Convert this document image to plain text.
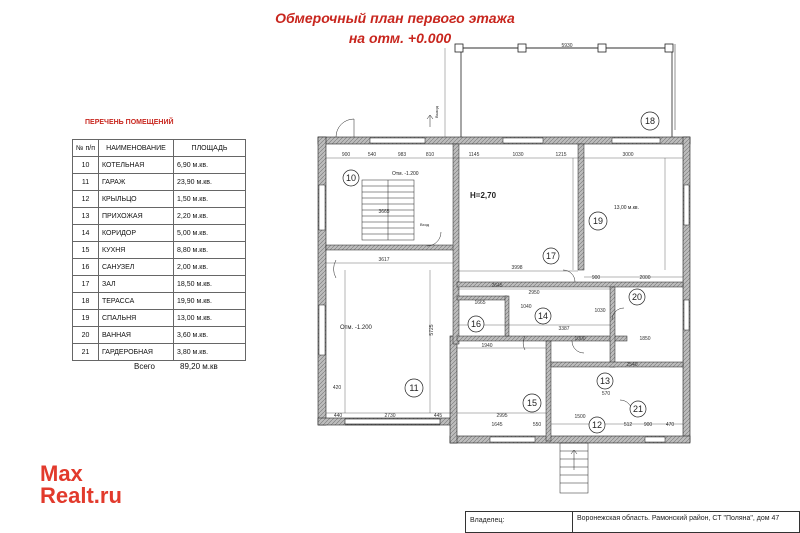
Обмерочный план первого этажа
на отм. +0.000
ПЕРЕЧЕНЬ ПОМЕЩЕНИЙ
№ п/п	НАИМЕНОВАНИЕ	ПЛОЩАДЬ
10	КОТЕЛЬНАЯ	6,90 м.кв.
11	ГАРАЖ	23,90 м.кв.
12	КРЫЛЬЦО	1,50 м.кв.
13	ПРИХОЖАЯ	2,20 м.кв.
14	КОРИДОР	5,00 м.кв.
15	КУХНЯ	8,80 м.кв.
16	САНУЗЕЛ	2,00 м.кв.
17	ЗАЛ	18,50 м.кв.
18	ТЕРАССА	19,90 м.кв.
19	СПАЛЬНЯ	13,00 м.кв.
20	ВАННАЯ	3,60 м.кв.
21	ГАРДЕРОБНАЯ	3,80 м.кв.
Всего	89,20 м.кв
10
11
12
13
14
15
16
17
18
19
20
21
Отм. -1.200
Отм. -1.200
H=2,70
13,00 м.кв.
Выход
Вход
900	540	983	810	1145	1030	1215	3000
5930
3665
3617
3998
2645
2950
3387
1040
1940
2995
1645	550
2730
440	445
420
5725
1665
900
1030
1000	1850
2540
1500
570
900	470
512
2000
Max
Realt.ru
Владелец:	Воронежская область. Рамонский район, СТ "Поляна", дом 47
